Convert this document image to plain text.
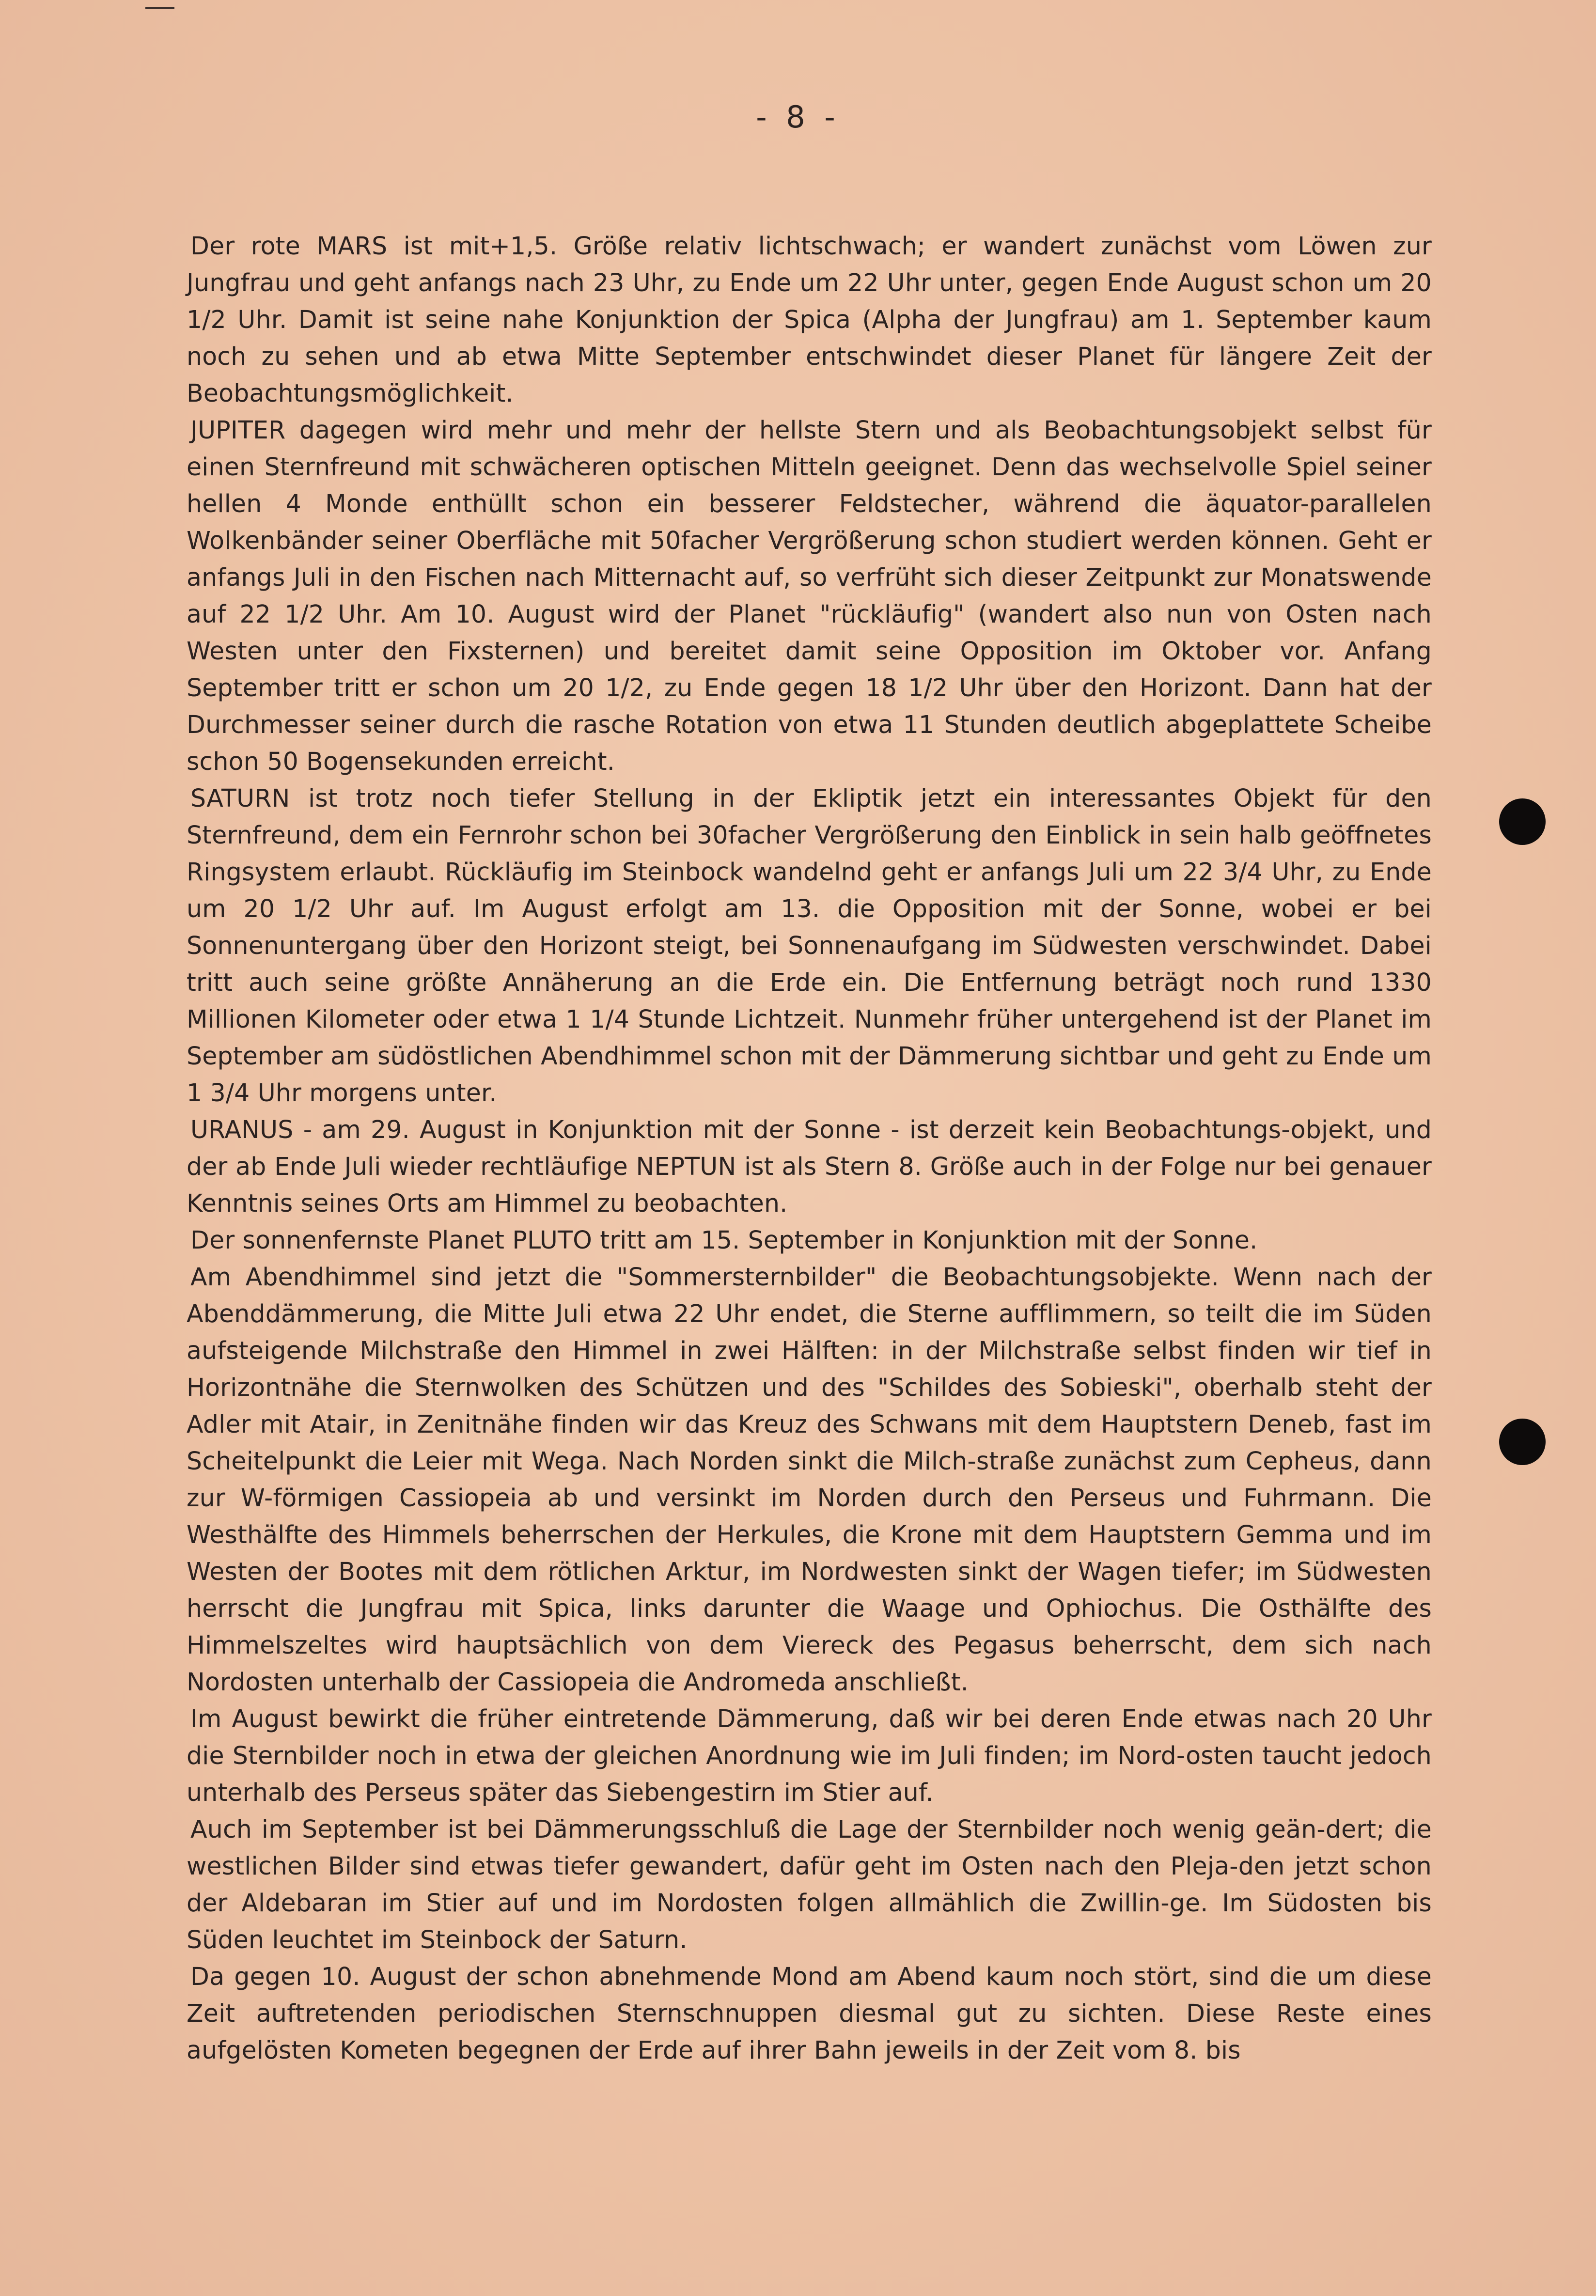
- 8 -

Der rote MARS ist mit+1,5. Größe relativ lichtschwach; er wandert zunächst vom Löwen zur Jungfrau und geht anfangs nach 23 Uhr, zu Ende um 22 Uhr unter, gegen Ende August schon um 20 1/2 Uhr. Damit ist seine nahe Konjunktion der Spica (Alpha der Jungfrau) am 1. September kaum noch zu sehen und ab etwa Mitte September entschwindet dieser Planet für längere Zeit der Beobachtungsmöglichkeit.

JUPITER dagegen wird mehr und mehr der hellste Stern und als Beobachtungsobjekt selbst für einen Sternfreund mit schwächeren optischen Mitteln geeignet. Denn das wechselvolle Spiel seiner hellen 4 Monde enthüllt schon ein besserer Feldstecher, während die äquator-parallelen Wolkenbänder seiner Oberfläche mit 50facher Vergrößerung schon studiert werden können. Geht er anfangs Juli in den Fischen nach Mitternacht auf, so verfrüht sich dieser Zeitpunkt zur Monatswende auf 22 1/2 Uhr. Am 10. August wird der Planet "rückläufig" (wandert also nun von Osten nach Westen unter den Fixsternen) und bereitet damit seine Opposition im Oktober vor. Anfang September tritt er schon um 20 1/2, zu Ende gegen 18 1/2 Uhr über den Horizont. Dann hat der Durchmesser seiner durch die rasche Rotation von etwa 11 Stunden deutlich abgeplattete Scheibe schon 50 Bogensekunden erreicht.

SATURN ist trotz noch tiefer Stellung in der Ekliptik jetzt ein interessantes Objekt für den Sternfreund, dem ein Fernrohr schon bei 30facher Vergrößerung den Einblick in sein halb geöffnetes Ringsystem erlaubt. Rückläufig im Steinbock wandelnd geht er anfangs Juli um 22 3/4 Uhr, zu Ende um 20 1/2 Uhr auf. Im August erfolgt am 13. die Opposition mit der Sonne, wobei er bei Sonnenuntergang über den Horizont steigt, bei Sonnenaufgang im Südwesten verschwindet. Dabei tritt auch seine größte Annäherung an die Erde ein. Die Entfernung beträgt noch rund 1330 Millionen Kilometer oder etwa 1 1/4 Stunde Lichtzeit. Nunmehr früher untergehend ist der Planet im September am südöstlichen Abendhimmel schon mit der Dämmerung sichtbar und geht zu Ende um 1 3/4 Uhr morgens unter.

URANUS - am 29. August in Konjunktion mit der Sonne - ist derzeit kein Beobachtungs-objekt, und der ab Ende Juli wieder rechtläufige NEPTUN ist als Stern 8. Größe auch in der Folge nur bei genauer Kenntnis seines Orts am Himmel zu beobachten.

Der sonnenfernste Planet PLUTO tritt am 15. September in Konjunktion mit der Sonne.

Am Abendhimmel sind jetzt die "Sommersternbilder" die Beobachtungsobjekte. Wenn nach der Abenddämmerung, die Mitte Juli etwa 22 Uhr endet, die Sterne aufflimmern, so teilt die im Süden aufsteigende Milchstraße den Himmel in zwei Hälften: in der Milchstraße selbst finden wir tief in Horizontnähe die Sternwolken des Schützen und des "Schildes des Sobieski", oberhalb steht der Adler mit Atair, in Zenitnähe finden wir das Kreuz des Schwans mit dem Hauptstern Deneb, fast im Scheitelpunkt die Leier mit Wega. Nach Norden sinkt die Milch-straße zunächst zum Cepheus, dann zur W-förmigen Cassiopeia ab und versinkt im Norden durch den Perseus und Fuhrmann. Die Westhälfte des Himmels beherrschen der Herkules, die Krone mit dem Hauptstern Gemma und im Westen der Bootes mit dem rötlichen Arktur, im Nordwesten sinkt der Wagen tiefer; im Südwesten herrscht die Jungfrau mit Spica, links darunter die Waage und Ophiochus. Die Osthälfte des Himmelszeltes wird hauptsächlich von dem Viereck des Pegasus beherrscht, dem sich nach Nordosten unterhalb der Cassiopeia die Andromeda anschließt.

Im August bewirkt die früher eintretende Dämmerung, daß wir bei deren Ende etwas nach 20 Uhr die Sternbilder noch in etwa der gleichen Anordnung wie im Juli finden; im Nord-osten taucht jedoch unterhalb des Perseus später das Siebengestirn im Stier auf.

Auch im September ist bei Dämmerungsschluß die Lage der Sternbilder noch wenig geän-dert; die westlichen Bilder sind etwas tiefer gewandert, dafür geht im Osten nach den Pleja-den jetzt schon der Aldebaran im Stier auf und im Nordosten folgen allmählich die Zwillin-ge. Im Südosten bis Süden leuchtet im Steinbock der Saturn.

Da gegen 10. August der schon abnehmende Mond am Abend kaum noch stört, sind die um diese Zeit auftretenden periodischen Sternschnuppen diesmal gut zu sichten. Diese Reste eines aufgelösten Kometen begegnen der Erde auf ihrer Bahn jeweils in der Zeit vom 8. bis
